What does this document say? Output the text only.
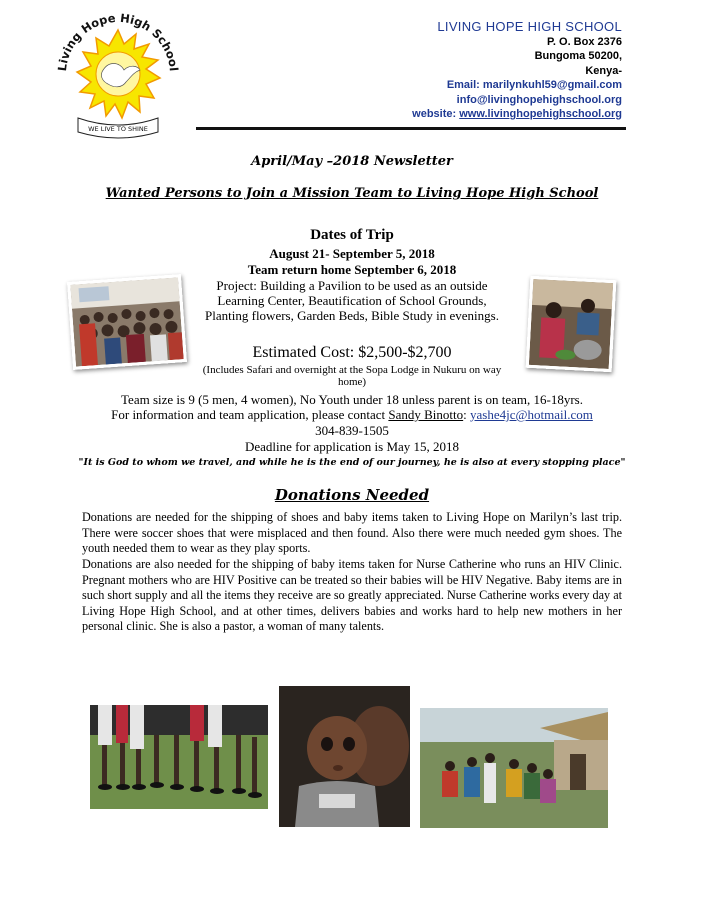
Living Hope High School
WE LIVE TO SHINE
LIVING HOPE HIGH SCHOOL
P. O. Box 2376
Bungoma 50200,
Kenya-
Email: marilynkuhl59@gmail.com
info@livinghopehighschool.org
website: www.livinghopehighschool.org
April/May –2018 Newsletter
Wanted Persons to Join a Mission Team to Living Hope High School
Dates of Trip
August 21- September 5, 2018
Team return home September 6, 2018
Project: Building a Pavilion to be used as an outside Learning Center, Beautification of School Grounds, Planting flowers, Garden Beds, Bible Study in evenings.
Estimated Cost: $2,500-$2,700
(Includes Safari and overnight at the Sopa Lodge in Nukuru on way home)
Team size is 9 (5 men, 4 women), No Youth under 18 unless parent is on team, 16-18yrs.
For information and team application, please contact Sandy Binotto: yashe4jc@hotmail.com
304-839-1505
Deadline for application is May 15, 2018
"It is God to whom we travel, and while he is the end of our journey, he is also at every stopping place"
Donations Needed
Donations are needed for the shipping of shoes and baby items taken to Living Hope on Marilyn’s last trip. There were soccer shoes that were misplaced and then found. Also there were much needed gym shoes. The youth needed them to wear as they play sports.
Donations are also needed for the shipping of baby items taken for Nurse Catherine who runs an HIV Clinic. Pregnant mothers who are HIV Positive can be treated so their babies will be HIV Negative. Baby items are in such short supply and all the items they receive are so greatly appreciated. Nurse Catherine works every day at Living Hope High School, and at other times, delivers babies and works hard to help new mothers in her personal clinic. She is also a pastor, a woman of many talents.
